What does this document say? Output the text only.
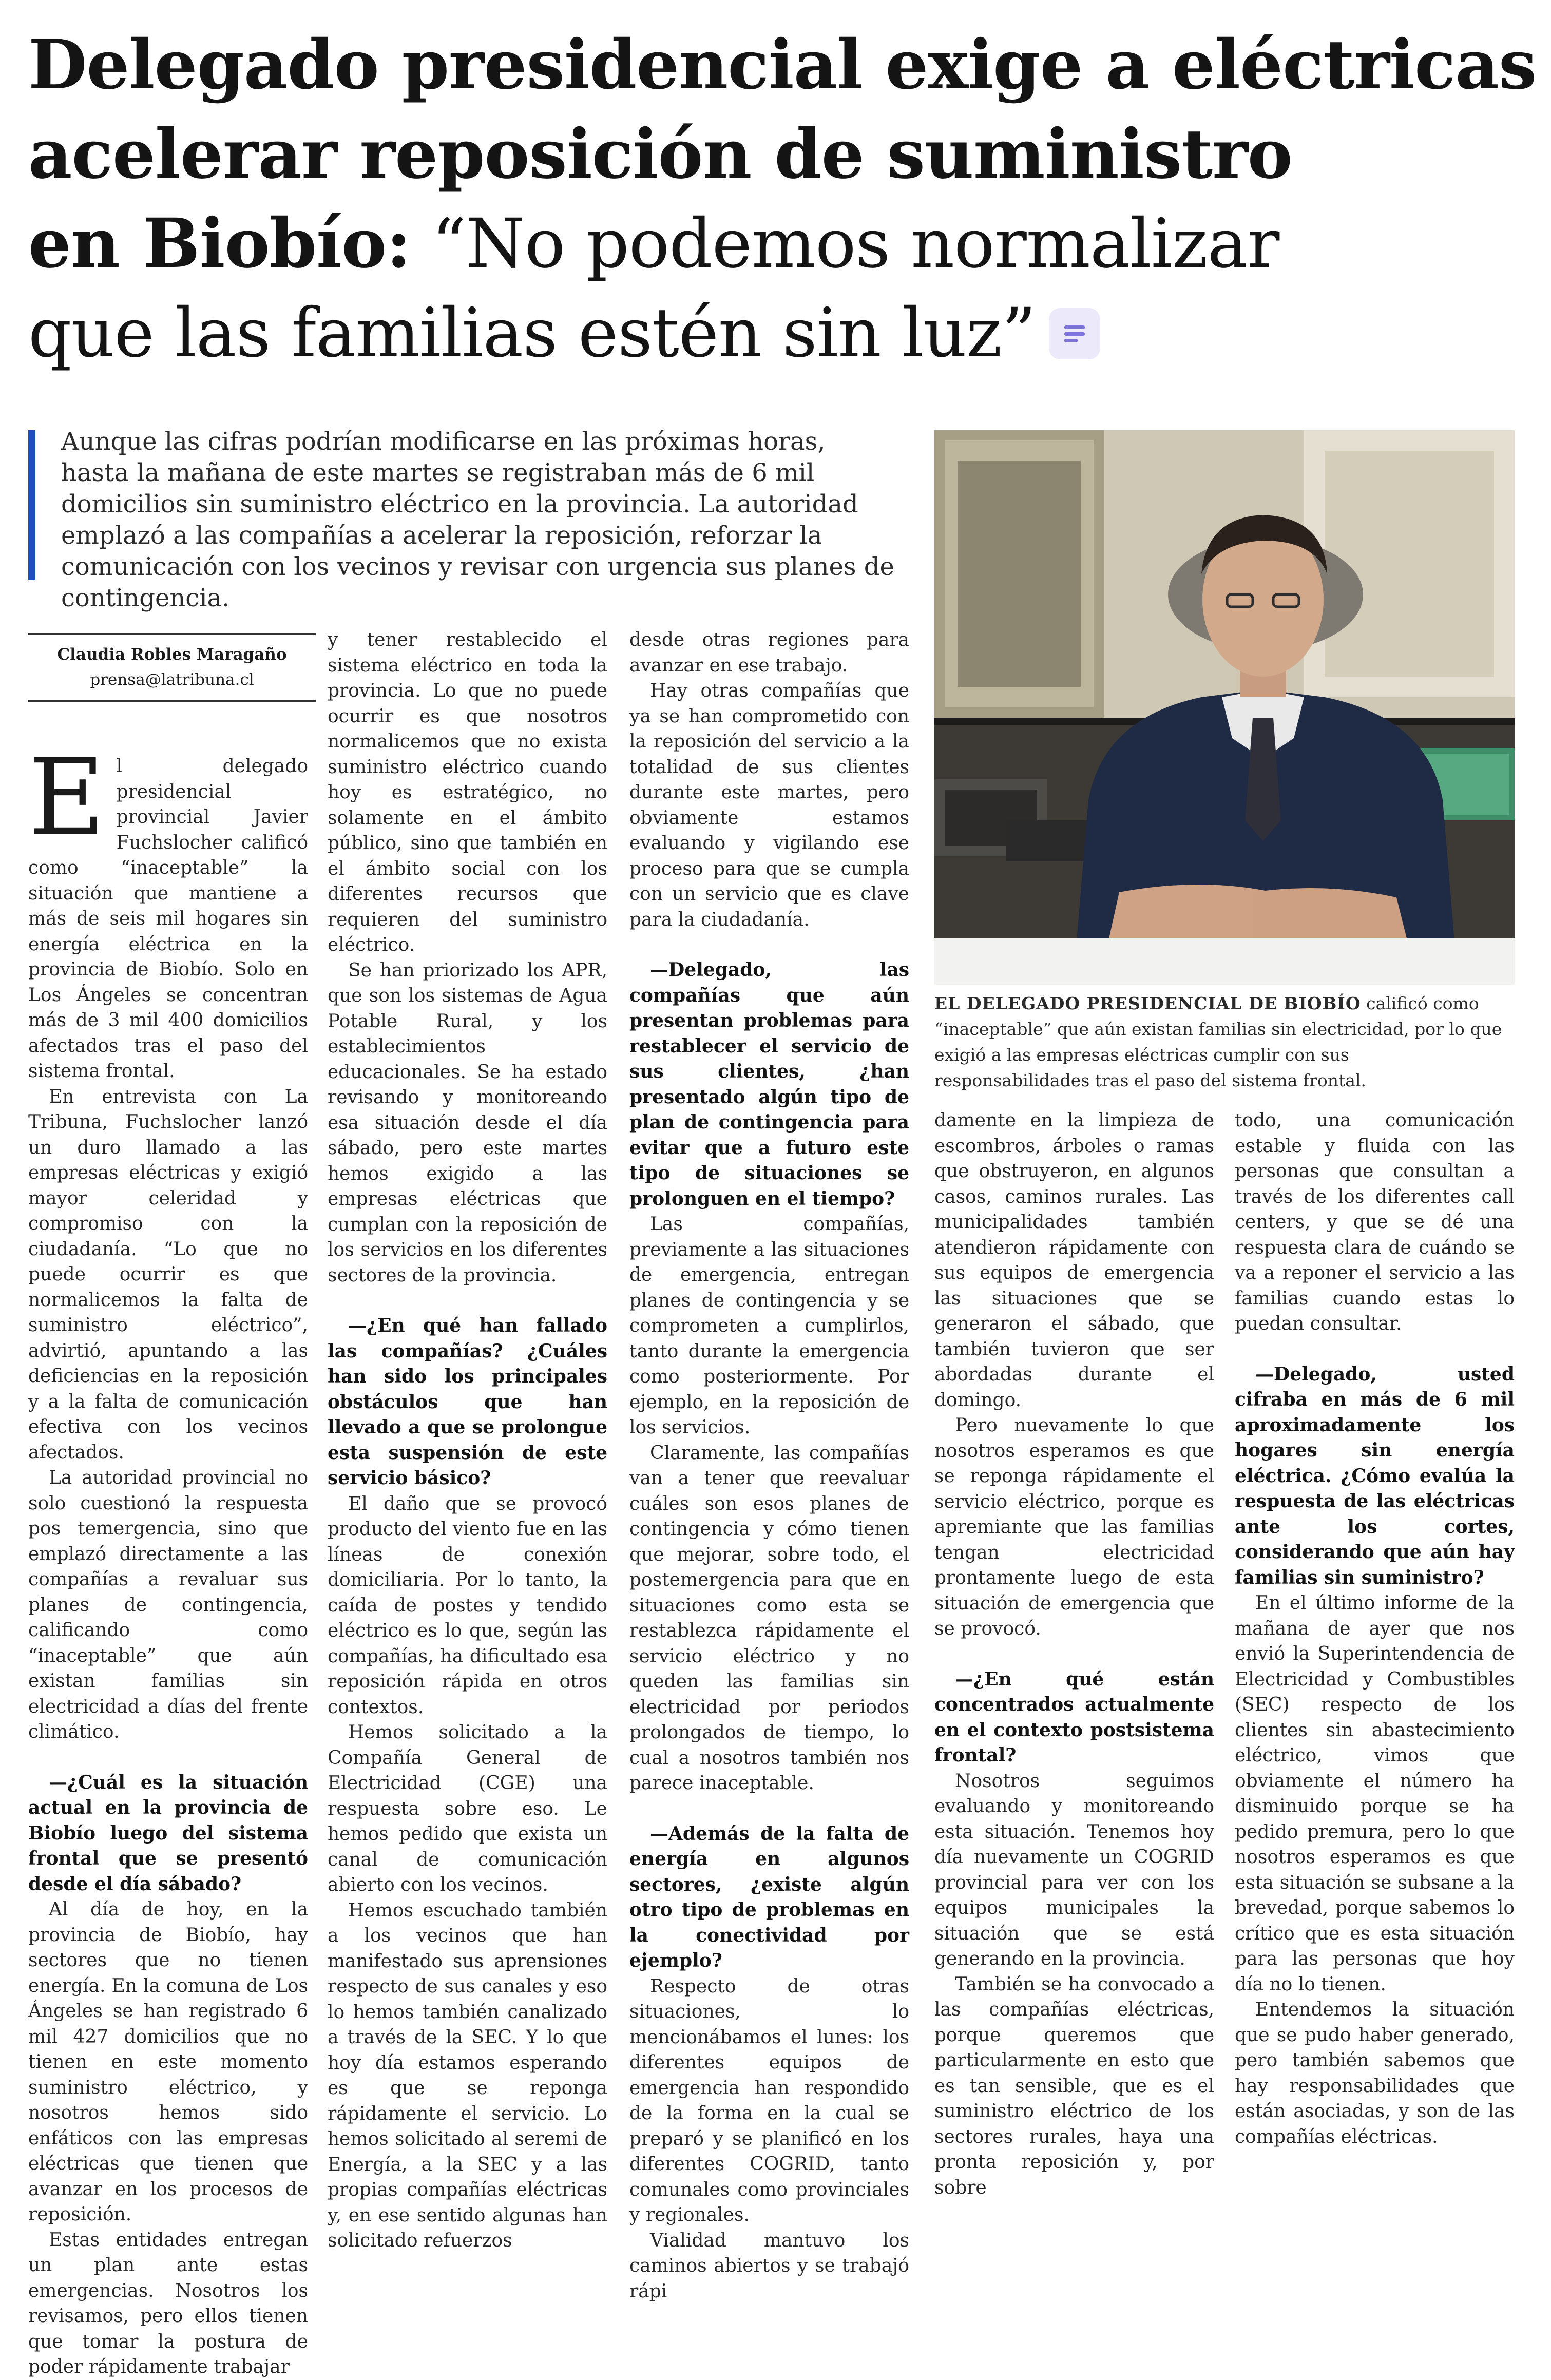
Delegado presidencial exige a eléctricas
acelerar reposición de suministro
en Biobío: “No podemos normalizar
que las familias estén sin luz”

Aunque las cifras podrían modificarse en las próximas horas, hasta la mañana de este martes se registraban más de 6 mil domicilios sin suministro eléctrico en la provincia. La autoridad emplazó a las compañías a acelerar la reposición, reforzar la comunicación con los vecinos y revisar con urgencia sus planes de contingencia.

EL DELEGADO PRESIDENCIAL DE BIOBÍO calificó como “inaceptable” que aún existan familias sin electricidad, por lo que exigió a las empresas eléctricas cumplir con sus responsabilidades tras el paso del sistema frontal.

Claudia Robles Maragaño
prensa@latribuna.cl

El delegado presidencial provincial Javier Fuchslocher calificó como “inaceptable” la situación que mantiene a más de seis mil hogares sin energía eléctrica en la provincia de Biobío. Solo en Los Ángeles se concentran más de 3 mil 400 domicilios afectados tras el paso del sistema frontal.

En entrevista con La Tribuna, Fuchslocher lanzó un duro llamado a las empresas eléctricas y exigió mayor celeridad y compromiso con la ciudadanía. “Lo que no puede ocurrir es que normalicemos la falta de suministro eléctrico”, advirtió, apuntando a las deficiencias en la reposición y a la falta de comunicación efectiva con los vecinos afectados.

La autoridad provincial no solo cuestionó la respuesta pos temergencia, sino que emplazó directamente a las compañías a revaluar sus planes de contingencia, calificando como “inaceptable” que aún existan familias sin electricidad a días del frente climático.

—¿Cuál es la situación actual en la provincia de Biobío luego del sistema frontal que se presentó desde el día sábado?

Al día de hoy, en la provincia de Biobío, hay sectores que no tienen energía. En la comuna de Los Ángeles se han registrado 6 mil 427 domicilios que no tienen en este momento suministro eléctrico, y nosotros hemos sido enfáticos con las empresas eléctricas que tienen que avanzar en los procesos de reposición.

Estas entidades entregan un plan ante estas emergencias. Nosotros los revisamos, pero ellos tienen que tomar la postura de poder rápidamente trabajar

y tener restablecido el sistema eléctrico en toda la provincia. Lo que no puede ocurrir es que nosotros normalicemos que no exista suministro eléctrico cuando hoy es estratégico, no solamente en el ámbito público, sino que también en el ámbito social con los diferentes recursos que requieren del suministro eléctrico.

Se han priorizado los APR, que son los sistemas de Agua Potable Rural, y los establecimientos educacionales. Se ha estado revisando y monitoreando esa situación desde el día sábado, pero este martes hemos exigido a las empresas eléctricas que cumplan con la reposición de los servicios en los diferentes sectores de la provincia.

—¿En qué han fallado las compañías? ¿Cuáles han sido los principales obstáculos que han llevado a que se prolongue esta suspensión de este servicio básico?

El daño que se provocó producto del viento fue en las líneas de conexión domiciliaria. Por lo tanto, la caída de postes y tendido eléctrico es lo que, según las compañías, ha dificultado esa reposición rápida en otros contextos.

Hemos solicitado a la Compañía General de Electricidad (CGE) una respuesta sobre eso. Le hemos pedido que exista un canal de comunicación abierto con los vecinos.

Hemos escuchado también a los vecinos que han manifestado sus aprensiones respecto de sus canales y eso lo hemos también canalizado a través de la SEC. Y lo que hoy día estamos esperando es que se reponga rápidamente el servicio. Lo hemos solicitado al seremi de Energía, a la SEC y a las propias compañías eléctricas y, en ese sentido algunas han solicitado refuerzos

desde otras regiones para avanzar en ese trabajo.

Hay otras compañías que ya se han comprometido con la reposición del servicio a la totalidad de sus clientes durante este martes, pero obviamente estamos evaluando y vigilando ese proceso para que se cumpla con un servicio que es clave para la ciudadanía.

—Delegado, las compañías que aún presentan problemas para restablecer el servicio de sus clientes, ¿han presentado algún tipo de plan de contingencia para evitar que a futuro este tipo de situaciones se prolonguen en el tiempo?

Las compañías, previamente a las situaciones de emergencia, entregan planes de contingencia y se comprometen a cumplirlos, tanto durante la emergencia como posteriormente. Por ejemplo, en la reposición de los servicios.

Claramente, las compañías van a tener que reevaluar cuáles son esos planes de contingencia y cómo tienen que mejorar, sobre todo, el postemergencia para que en situaciones como esta se restablezca rápidamente el servicio eléctrico y no queden las familias sin electricidad por periodos prolongados de tiempo, lo cual a nosotros también nos parece inaceptable.

—Además de la falta de energía en algunos sectores, ¿existe algún otro tipo de problemas en la conectividad por ejemplo?

Respecto de otras situaciones, lo mencionábamos el lunes: los diferentes equipos de emergencia han respondido de la forma en la cual se preparó y se planificó en los diferentes COGRID, tanto comunales como provinciales y regionales.

Vialidad mantuvo los caminos abiertos y se trabajó rápi

damente en la limpieza de escombros, árboles o ramas que obstruyeron, en algunos casos, caminos rurales. Las municipalidades también atendieron rápidamente con sus equipos de emergencia las situaciones que se generaron el sábado, que también tuvieron que ser abordadas durante el domingo.

Pero nuevamente lo que nosotros esperamos es que se reponga rápidamente el servicio eléctrico, porque es apremiante que las familias tengan electricidad prontamente luego de esta situación de emergencia que se provocó.

—¿En qué están concentrados actualmente en el contexto postsistema frontal?

Nosotros seguimos evaluando y monitoreando esta situación. Tenemos hoy día nuevamente un COGRID provincial para ver con los equipos municipales la situación que se está generando en la provincia.

También se ha convocado a las compañías eléctricas, porque queremos que particularmente en esto que es tan sensible, que es el suministro eléctrico de los sectores rurales, haya una pronta reposición y, por sobre

todo, una comunicación estable y fluida con las personas que consultan a través de los diferentes call centers, y que se dé una respuesta clara de cuándo se va a reponer el servicio a las familias cuando estas lo puedan consultar.

—Delegado, usted cifraba en más de 6 mil aproximadamente los hogares sin energía eléctrica. ¿Cómo evalúa la respuesta de las eléctricas ante los cortes, considerando que aún hay familias sin suministro?

En el último informe de la mañana de ayer que nos envió la Superintendencia de Electricidad y Combustibles (SEC) respecto de los clientes sin abastecimiento eléctrico, vimos que obviamente el número ha disminuido porque se ha pedido premura, pero lo que nosotros esperamos es que esta situación se subsane a la brevedad, porque sabemos lo crítico que es esta situación para las personas que hoy día no lo tienen.

Entendemos la situación que se pudo haber generado, pero también sabemos que hay responsabilidades que están asociadas, y son de las compañías eléctricas.
